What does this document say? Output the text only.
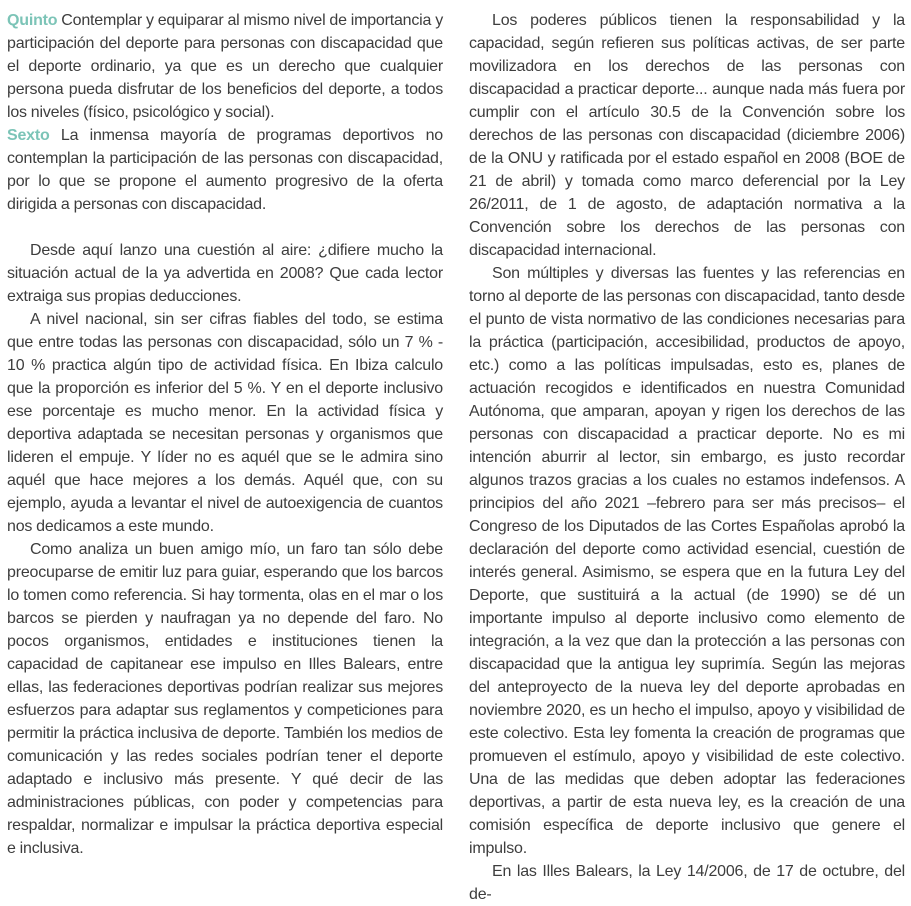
Quinto Contemplar y equiparar al mismo nivel de importancia y participación del deporte para personas con discapacidad que el deporte ordinario, ya que es un derecho que cualquier persona pueda disfrutar de los beneficios del deporte, a todos los niveles (físico, psicológico y social).

Sexto La inmensa mayoría de programas deportivos no contemplan la participación de las personas con discapacidad, por lo que se propone el aumento progresivo de la oferta dirigida a personas con discapacidad.

Desde aquí lanzo una cuestión al aire: ¿difiere mucho la situación actual de la ya advertida en 2008? Que cada lector extraiga sus propias deducciones.

A nivel nacional, sin ser cifras fiables del todo, se estima que entre todas las personas con discapacidad, sólo un 7 % - 10 % practica algún tipo de actividad física. En Ibiza calculo que la proporción es inferior del 5 %. Y en el deporte inclusivo ese porcentaje es mucho menor. En la actividad física y deportiva adaptada se necesitan personas y organismos que lideren el empuje. Y líder no es aquél que se le admira sino aquél que hace mejores a los demás. Aquél que, con su ejemplo, ayuda a levantar el nivel de autoexigencia de cuantos nos dedicamos a este mundo.

Como analiza un buen amigo mío, un faro tan sólo debe preocuparse de emitir luz para guiar, esperando que los barcos lo tomen como referencia. Si hay tormenta, olas en el mar o los barcos se pierden y naufragan ya no depende del faro. No pocos organismos, entidades e instituciones tienen la capacidad de capitanear ese impulso en Illes Balears, entre ellas, las federaciones deportivas podrían realizar sus mejores esfuerzos para adaptar sus reglamentos y competiciones para permitir la práctica inclusiva de deporte. También los medios de comunicación y las redes sociales podrían tener el deporte adaptado e inclusivo más presente. Y qué decir de las administraciones públicas, con poder y competencias para respaldar, normalizar e impulsar la práctica deportiva especial e inclusiva.

Los poderes públicos tienen la responsabilidad y la capacidad, según refieren sus políticas activas, de ser parte movilizadora en los derechos de las personas con discapacidad a practicar deporte... aunque nada más fuera por cumplir con el artículo 30.5 de la Convención sobre los derechos de las personas con discapacidad (diciembre 2006) de la ONU y ratificada por el estado español en 2008 (BOE de 21 de abril) y tomada como marco deferencial por la Ley 26/2011, de 1 de agosto, de adaptación normativa a la Convención sobre los derechos de las personas con discapacidad internacional.

Son múltiples y diversas las fuentes y las referencias en torno al deporte de las personas con discapacidad, tanto desde el punto de vista normativo de las condiciones necesarias para la práctica (participación, accesibilidad, productos de apoyo, etc.) como a las políticas impulsadas, esto es, planes de actuación recogidos e identificados en nuestra Comunidad Autónoma, que amparan, apoyan y rigen los derechos de las personas con discapacidad a practicar deporte. No es mi intención aburrir al lector, sin embargo, es justo recordar algunos trazos gracias a los cuales no estamos indefensos. A principios del año 2021 –febrero para ser más precisos– el Congreso de los Diputados de las Cortes Españolas aprobó la declaración del deporte como actividad esencial, cuestión de interés general. Asimismo, se espera que en la futura Ley del Deporte, que sustituirá a la actual (de 1990) se dé un importante impulso al deporte inclusivo como elemento de integración, a la vez que dan la protección a las personas con discapacidad que la antigua ley suprimía. Según las mejoras del anteproyecto de la nueva ley del deporte aprobadas en noviembre 2020, es un hecho el impulso, apoyo y visibilidad de este colectivo. Esta ley fomenta la creación de programas que promueven el estímulo, apoyo y visibilidad de este colectivo. Una de las medidas que deben adoptar las federaciones deportivas, a partir de esta nueva ley, es la creación de una comisión específica de deporte inclusivo que genere el impulso.

En las Illes Balears, la Ley 14/2006, de 17 de octubre, del de-
